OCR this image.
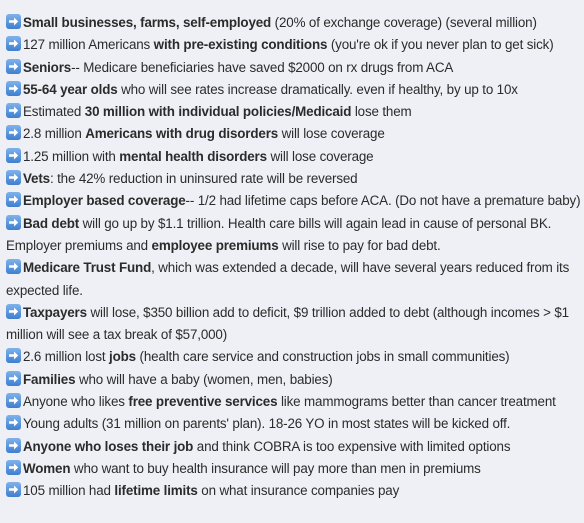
Small businesses, farms, self-employed (20% of exchange coverage) (several million)
127 million Americans with pre-existing conditions (you're ok if you never plan to get sick)
Seniors-- Medicare beneficiaries have saved $2000 on rx drugs from ACA
55-64 year olds who will see rates increase dramatically. even if healthy, by up to 10x
Estimated 30 million with individual policies/Medicaid lose them
2.8 million Americans with drug disorders will lose coverage
1.25 million with mental health disorders will lose coverage
Vets: the 42% reduction in uninsured rate will be reversed
Employer based coverage-- 1/2 had lifetime caps before ACA. (Do not have a premature baby)
Bad debt will go up by $1.1 trillion. Health care bills will again lead in cause of personal BK. Employer premiums and employee premiums will rise to pay for bad debt.
Medicare Trust Fund, which was extended a decade, will have several years reduced from its expected life.
Taxpayers will lose, $350 billion add to deficit, $9 trillion added to debt (although incomes > $1 million will see a tax break of $57,000)
2.6 million lost jobs (health care service and construction jobs in small communities)
Families who will have a baby (women, men, babies)
Anyone who likes free preventive services like mammograms better than cancer treatment
Young adults (31 million on parents' plan). 18-26 YO in most states will be kicked off.
Anyone who loses their job and think COBRA is too expensive with limited options
Women who want to buy health insurance will pay more than men in premiums
105 million had lifetime limits on what insurance companies pay
